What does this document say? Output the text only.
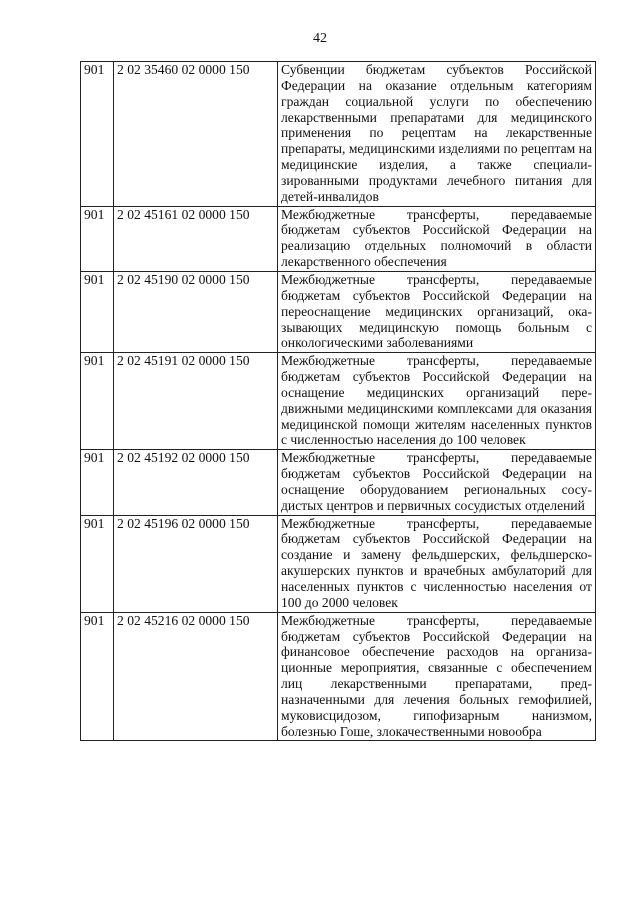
42
901	2 02 35460 02 0000 150	Субвенции бюджетам субъектов Российской Федерации на оказание отдельным категориям граждан социальной услуги по обеспечению лекарственными препаратами для медицинского применения по рецептам на лекарственные препараты, медицинскими изделиями по рецептам на медицинские изделия, а также специализированными продуктами лечебного питания для детей-инвалидов
901	2 02 45161 02 0000 150	Межбюджетные трансферты, передаваемые бюджетам субъектов Российской Федерации на реализацию отдельных полномочий в области лекарственного обеспечения
901	2 02 45190 02 0000 150	Межбюджетные трансферты, передаваемые бюджетам субъектов Российской Федерации на переоснащение медицинских организаций, оказывающих медицинскую помощь больным с онкологическими заболеваниями
901	2 02 45191 02 0000 150	Межбюджетные трансферты, передаваемые бюджетам субъектов Российской Федерации на оснащение медицинских организаций передвижными медицинскими комплексами для оказания медицинской помощи жителям населенных пунктов с численностью населения до 100 человек
901	2 02 45192 02 0000 150	Межбюджетные трансферты, передаваемые бюджетам субъектов Российской Федерации на оснащение оборудованием региональных сосудистых центров и первичных сосудистых отделений
901	2 02 45196 02 0000 150	Межбюджетные трансферты, передаваемые бюджетам субъектов Российской Федерации на создание и замену фельдшерских, фельдшерско-акушерских пунктов и врачебных амбулаторий для населенных пунктов с численностью населения от 100 до 2000 человек
901	2 02 45216 02 0000 150	Межбюджетные трансферты, передаваемые бюджетам субъектов Российской Федерации на финансовое обеспечение расходов на организационные мероприятия, связанные с обеспечением лиц лекарственными препаратами, предназначенными для лечения больных гемофилией, муковисцидозом, гипофизарным нанизмом, болезнью Гоше, злокачественными новообра
